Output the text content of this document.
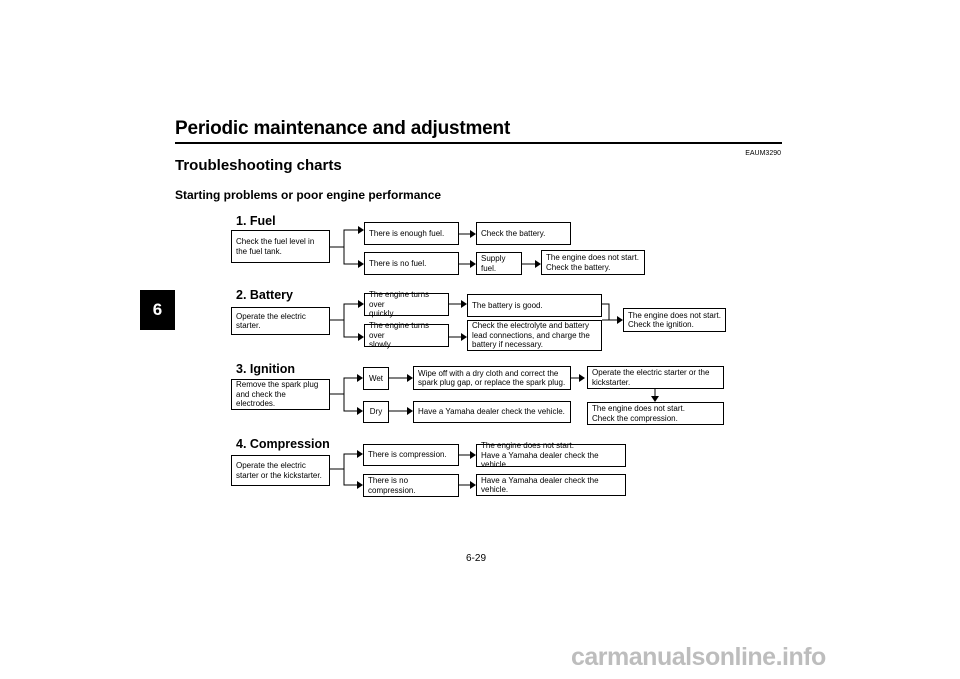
Periodic maintenance and adjustment
6
EAUM3290
Troubleshooting charts
Starting problems or poor engine performance
1. Fuel
Check the fuel level in
the fuel tank.
There is enough fuel.	Check the battery.
There is no fuel.
Supply fuel.
The engine does not start.
Check the battery.
2. Battery
Operate the electric starter.
The engine turns over
quickly.
The battery is good.
The engine turns over
slowly.
Check the electrolyte and battery
lead connections, and charge the
battery if necessary.
The engine does not start.
Check the ignition.
3. Ignition
Remove the spark plug
and check the electrodes.
Wet
Wipe off with a dry cloth and correct the
spark plug gap, or replace the spark plug.
Operate the electric starter or the
kickstarter.
Dry	Have a Yamaha dealer check the vehicle.	The engine does not start.
Check the compression.
4. Compression
Operate the electric
starter or the kickstarter.
There is compression.
The engine does not start.
Have a Yamaha dealer check the vehicle.
There is no compression.
Have a Yamaha dealer check the vehicle.
6-29
carmanualsonline.info
